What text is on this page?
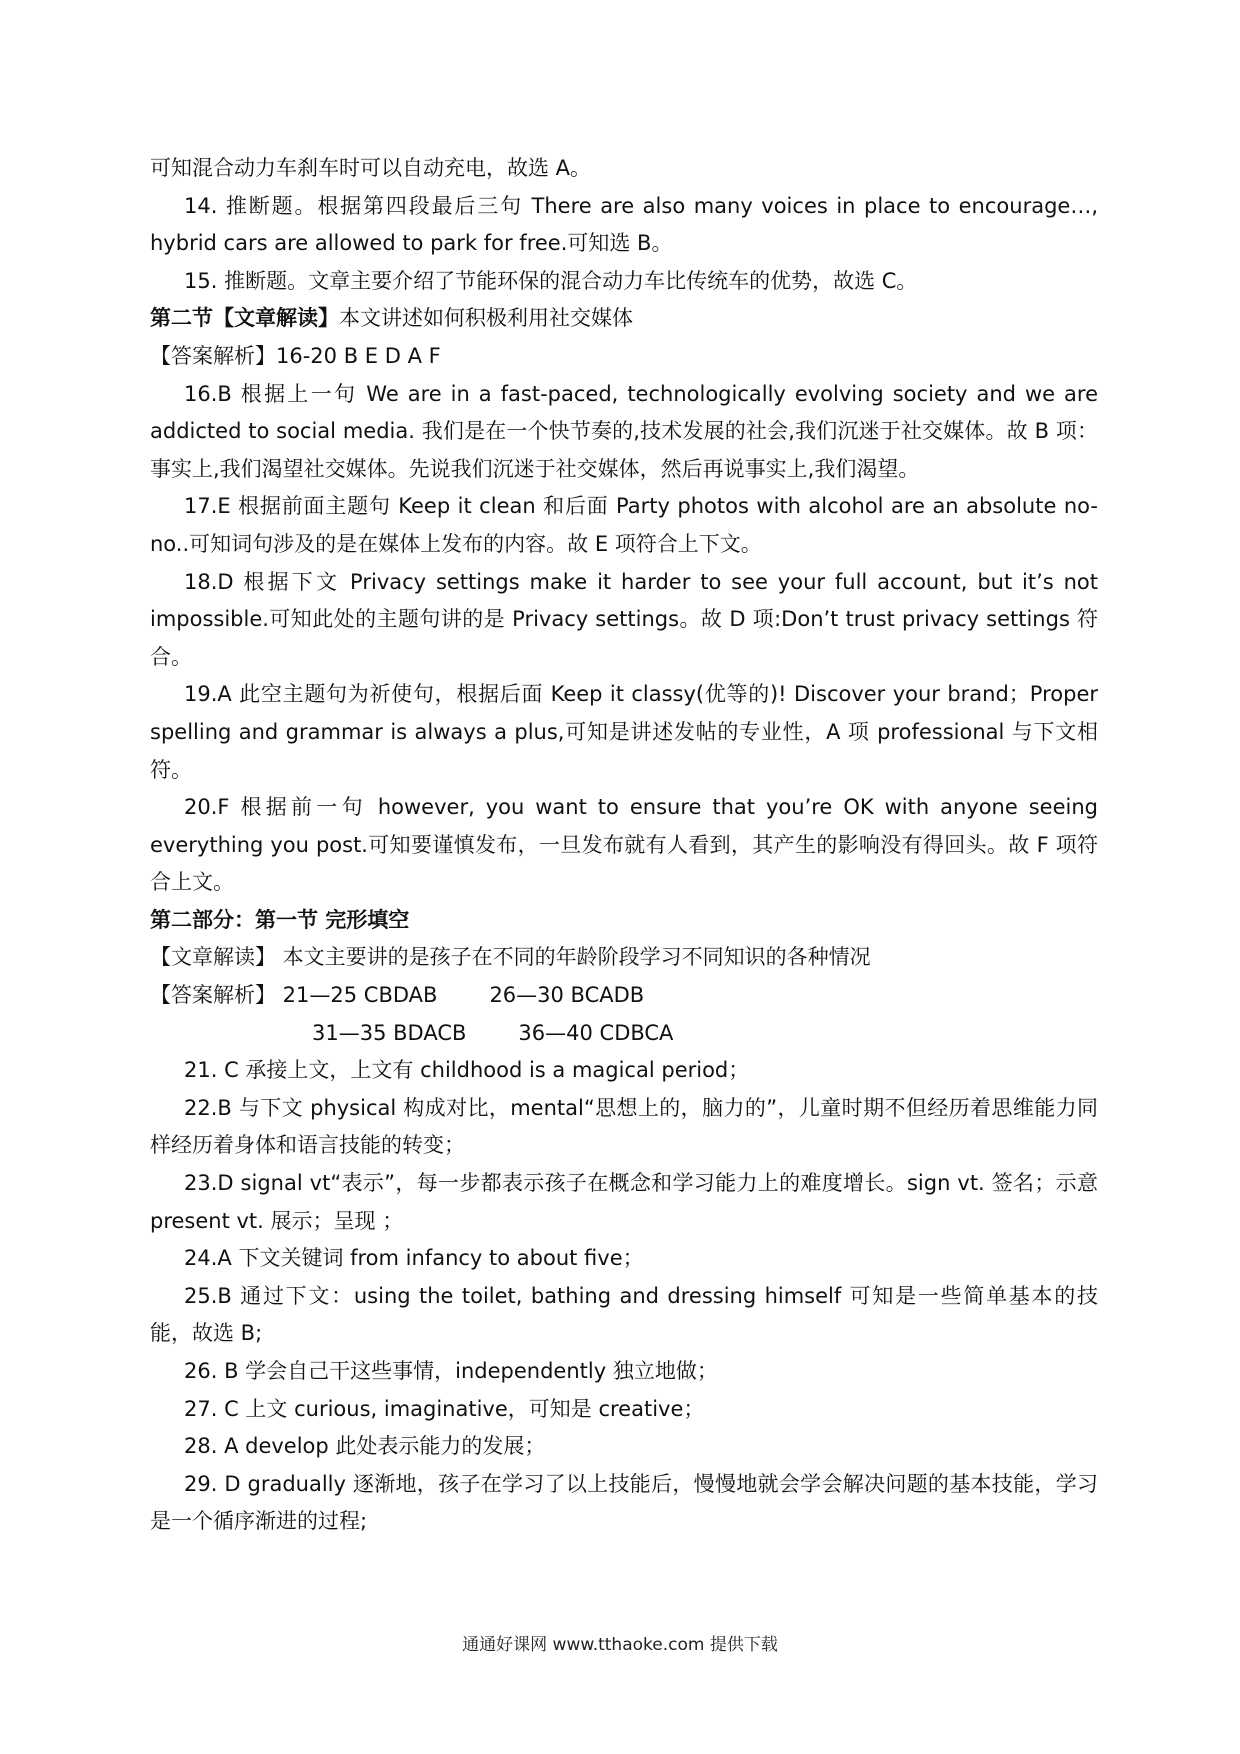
可知混合动力车刹车时可以自动充电，故选 A。

14. 推断题。根据第四段最后三句 There are also many voices in place to encourage…, hybrid cars are allowed to park for free.可知选 B。

15. 推断题。文章主要介绍了节能环保的混合动力车比传统车的优势，故选 C。

第二节【文章解读】本文讲述如何积极利用社交媒体

【答案解析】16-20 B E D A F

16.B 根据上一句 We are in a fast-paced, technologically evolving society and we are addicted to social media. 我们是在一个快节奏的,技术发展的社会,我们沉迷于社交媒体。故 B 项：事实上,我们渴望社交媒体。先说我们沉迷于社交媒体，然后再说事实上,我们渴望。

17.E 根据前面主题句 Keep it clean 和后面 Party photos with alcohol are an absolute no-no..可知词句涉及的是在媒体上发布的内容。故 E 项符合上下文。

18.D 根据下文 Privacy settings make it harder to see your full account, but it’s not impossible.可知此处的主题句讲的是 Privacy settings。故 D 项:Don’t trust privacy settings 符合。

19.A 此空主题句为祈使句，根据后面 Keep it classy(优等的)! Discover your brand；Proper spelling and grammar is always a plus,可知是讲述发帖的专业性，A 项 professional 与下文相符。

20.F 根据前一句 however, you want to ensure that you’re OK with anyone seeing everything you post.可知要谨慎发布，一旦发布就有人看到，其产生的影响没有得回头。故 F 项符合上文。

第二部分：第一节 完形填空

【文章解读】 本文主要讲的是孩子在不同的年龄阶段学习不同知识的各种情况

【答案解析】 21—25 CBDAB 26—30 BCADB

31—35 BDACB 36—40 CDBCA

21. C 承接上文，上文有 childhood is a magical period；

22.B 与下文 physical 构成对比，mental“思想上的，脑力的”，儿童时期不但经历着思维能力同样经历着身体和语言技能的转变；

23.D signal vt“表示”，每一步都表示孩子在概念和学习能力上的难度增长。sign vt. 签名；示意 present vt. 展示；呈现 ；

24.A 下文关键词 from infancy to about five；

25.B 通过下文：using the toilet, bathing and dressing himself 可知是一些简单基本的技能，故选 B;

26. B 学会自己干这些事情，independently 独立地做；

27. C 上文 curious, imaginative，可知是 creative；

28. A develop 此处表示能力的发展；

29. D gradually 逐渐地，孩子在学习了以上技能后，慢慢地就会学会解决问题的基本技能，学习是一个循序渐进的过程;

通通好课网 www.tthaoke.com 提供下载
